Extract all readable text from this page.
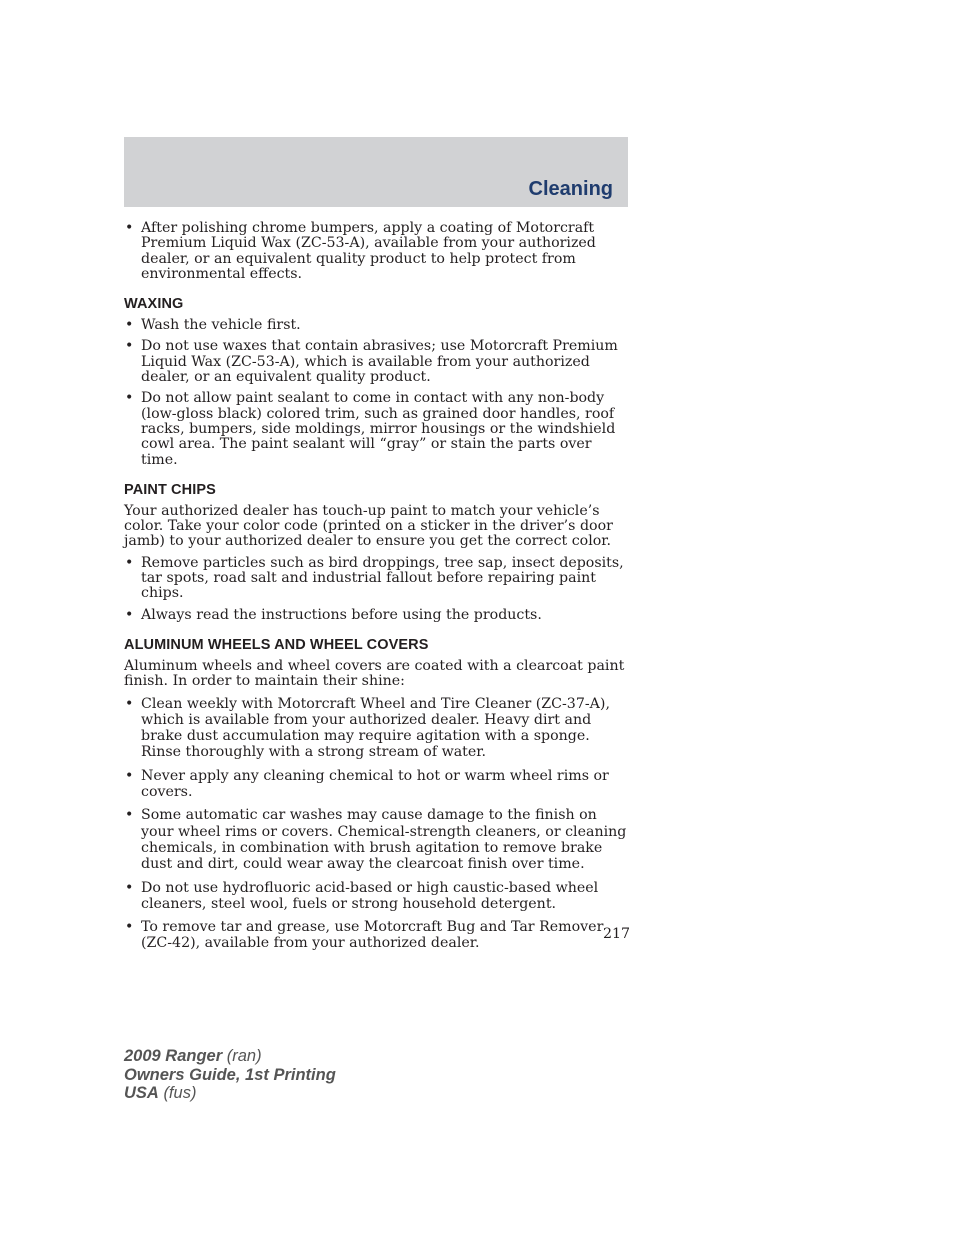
Cleaning
• After polishing chrome bumpers, apply a coating of Motorcraft Premium Liquid Wax (ZC-53-A), available from your authorized dealer, or an equivalent quality product to help protect from environmental effects.
WAXING
• Wash the vehicle first.
• Do not use waxes that contain abrasives; use Motorcraft Premium Liquid Wax (ZC-53-A), which is available from your authorized dealer, or an equivalent quality product.
• Do not allow paint sealant to come in contact with any non-body (low-gloss black) colored trim, such as grained door handles, roof racks, bumpers, side moldings, mirror housings or the windshield cowl area. The paint sealant will “gray” or stain the parts over time.
PAINT CHIPS

Your authorized dealer has touch-up paint to match your vehicle’s color. Take your color code (printed on a sticker in the driver’s door jamb) to your authorized dealer to ensure you get the correct color.

• Remove particles such as bird droppings, tree sap, insect deposits, tar spots, road salt and industrial fallout before repairing paint chips.
• Always read the instructions before using the products.
ALUMINUM WHEELS AND WHEEL COVERS

Aluminum wheels and wheel covers are coated with a clearcoat paint finish. In order to maintain their shine:

• Clean weekly with Motorcraft Wheel and Tire Cleaner (ZC-37-A), which is available from your authorized dealer. Heavy dirt and brake dust accumulation may require agitation with a sponge. Rinse thoroughly with a strong stream of water.
• Never apply any cleaning chemical to hot or warm wheel rims or covers.
• Some automatic car washes may cause damage to the finish on your wheel rims or covers. Chemical-strength cleaners, or cleaning chemicals, in combination with brush agitation to remove brake dust and dirt, could wear away the clearcoat finish over time.
• Do not use hydrofluoric acid-based or high caustic-based wheel cleaners, steel wool, fuels or strong household detergent.
• To remove tar and grease, use Motorcraft Bug and Tar Remover (ZC-42), available from your authorized dealer.
217
2009 Ranger (ran)
Owners Guide, 1st Printing
USA (fus)
